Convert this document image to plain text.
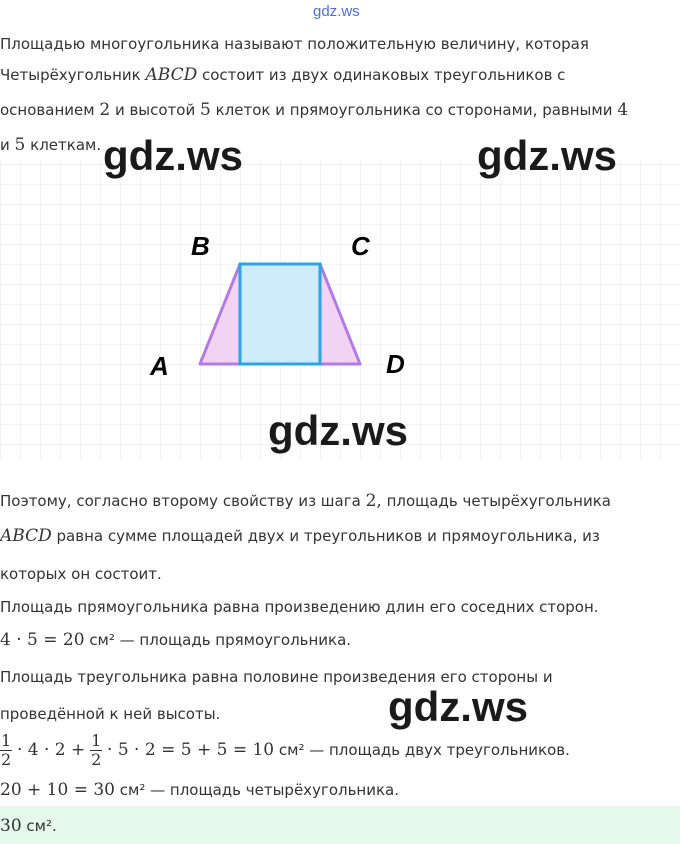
gdz.ws
Площадью многоугольника называют положительную величину, которая
Четырёхугольник ABCD состоит из двух одинаковых треугольников с
основанием 2 и высотой 5 клеток и прямоугольника со сторонами, равными 4
и 5 клеткам.
B	C
A	D
gdz.ws	gdz.ws
gdz.ws
gdz.ws
Поэтому, согласно второму свойству из шага 2, площадь четырёхугольника
ABCD равна сумме площадей двух и треугольников и прямоугольника, из
которых он состоит.
Площадь прямоугольника равна произведению длин его соседних сторон.
4 · 5 = 20 см² — площадь прямоугольника.
Площадь треугольника равна половине произведения его стороны и
проведённой к ней высоты.
$\frac{1}{2} \cdot 4 \cdot 2 + \frac{1}{2} \cdot 5 \cdot 2 = 5 + 5 = 10$ см² — площадь двух треугольников.
20 + 10 = 30 см² — площадь четырёхугольника.
30 см².
